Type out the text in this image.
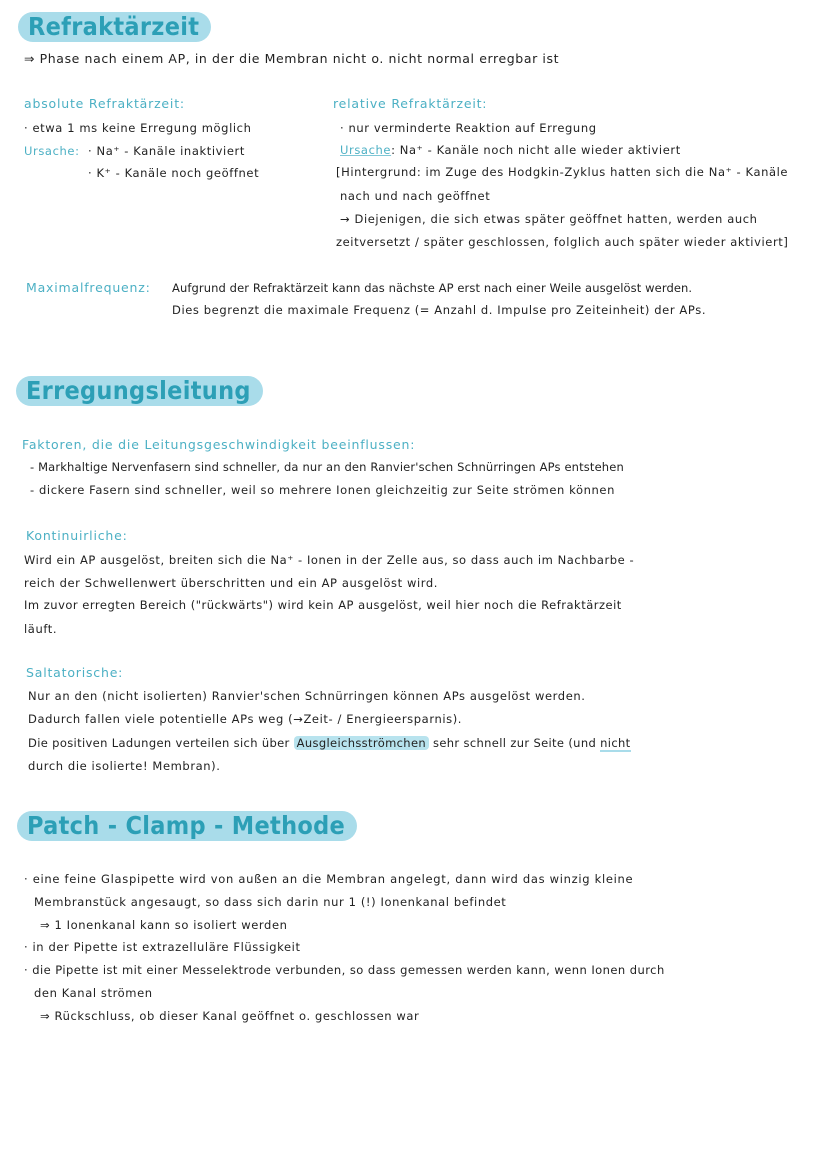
Refraktärzeit
⇒ Phase nach einem AP, in der die Membran nicht o. nicht normal erregbar ist
absolute Refraktärzeit:
· etwa 1 ms keine Erregung möglich
Ursache: · Na⁺ - Kanäle inaktiviert
· K⁺ - Kanäle noch geöffnet
relative Refraktärzeit:
· nur verminderte Reaktion auf Erregung
Ursache: Na⁺ - Kanäle noch nicht alle wieder aktiviert
[Hintergrund: im Zuge des Hodgkin-Zyklus hatten sich die Na⁺ - Kanäle
nach und nach geöffnet
→ Diejenigen, die sich etwas später geöffnet hatten, werden auch
zeitversetzt / später geschlossen, folglich auch später wieder aktiviert]
Maximalfrequenz: Aufgrund der Refraktärzeit kann das nächste AP erst nach einer Weile ausgelöst werden.
Dies begrenzt die maximale Frequenz (= Anzahl d. Impulse pro Zeiteinheit) der APs.
Erregungsleitung
Faktoren, die die Leitungsgeschwindigkeit beeinflussen:
- Markhaltige Nervenfasern sind schneller, da nur an den Ranvier'schen Schnürringen APs entstehen
- dickere Fasern sind schneller, weil so mehrere Ionen gleichzeitig zur Seite strömen können
Kontinuirliche:
Wird ein AP ausgelöst, breiten sich die Na⁺ - Ionen in der Zelle aus, so dass auch im Nachbarbe -
reich der Schwellenwert überschritten und ein AP ausgelöst wird.
Im zuvor erregten Bereich ("rückwärts") wird kein AP ausgelöst, weil hier noch die Refraktärzeit
läuft.
Saltatorische:
Nur an den (nicht isolierten) Ranvier'schen Schnürringen können APs ausgelöst werden.
Dadurch fallen viele potentielle APs weg (→Zeit- / Energieersparnis).
Die positiven Ladungen verteilen sich über Ausgleichsströmchen sehr schnell zur Seite (und nicht
durch die isolierte! Membran).
Patch - Clamp - Methode
· eine feine Glaspipette wird von außen an die Membran angelegt, dann wird das winzig kleine
Membranstück angesaugt, so dass sich darin nur 1 (!) Ionenkanal befindet
⇒ 1 Ionenkanal kann so isoliert werden
· in der Pipette ist extrazelluläre Flüssigkeit
· die Pipette ist mit einer Messelektrode verbunden, so dass gemessen werden kann, wenn Ionen durch
den Kanal strömen
⇒ Rückschluss, ob dieser Kanal geöffnet o. geschlossen war
